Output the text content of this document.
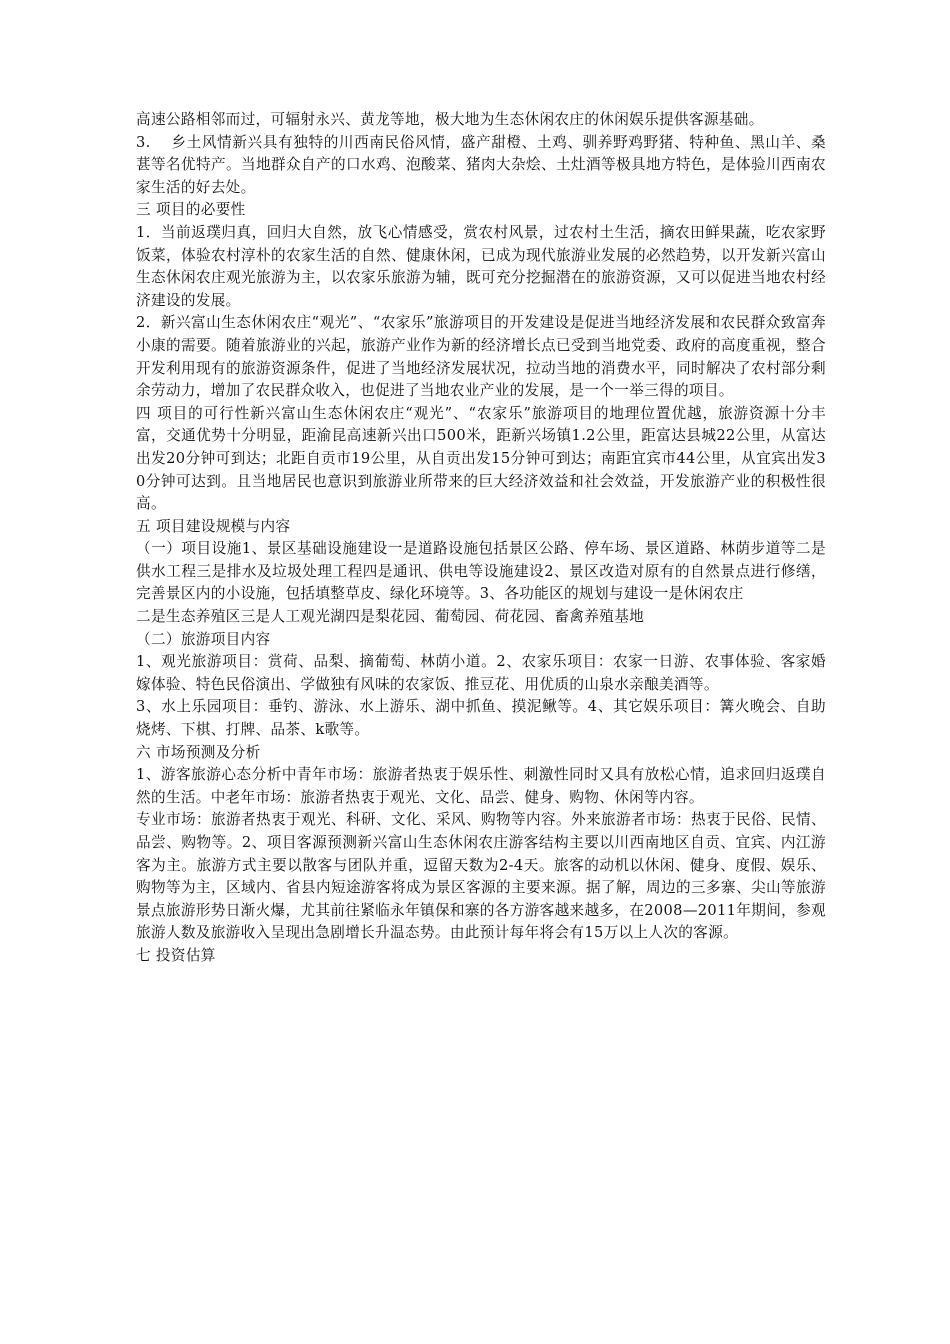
高速公路相邻而过，可辐射永兴、黄龙等地，极大地为生态休闲农庄的休闲娱乐提供客源基础。

3.　 乡土风情新兴具有独特的川西南民俗风情，盛产甜橙、土鸡、驯养野鸡野猪、特种鱼、黑山羊、桑葚等名优特产。当地群众自产的口水鸡、泡酸菜、猪肉大杂烩、土灶酒等极具地方特色，是体验川西南农家生活的好去处。

三 项目的必要性

1．当前返璞归真，回归大自然，放飞心情感受，赏农村风景，过农村土生活，摘农田鲜果蔬，吃农家野饭菜，体验农村淳朴的农家生活的自然、健康休闲，已成为现代旅游业发展的必然趋势，以开发新兴富山生态休闲农庄观光旅游为主，以农家乐旅游为辅，既可充分挖掘潜在的旅游资源，又可以促进当地农村经济建设的发展。

2．新兴富山生态休闲农庄“观光”、“农家乐”旅游项目的开发建设是促进当地经济发展和农民群众致富奔小康的需要。随着旅游业的兴起，旅游产业作为新的经济增长点已受到当地党委、政府的高度重视，整合开发利用现有的旅游资源条件，促进了当地经济发展状况，拉动当地的消费水平，同时解决了农村部分剩余劳动力，增加了农民群众收入，也促进了当地农业产业的发展，是一个一举三得的项目。

四 项目的可行性新兴富山生态休闲农庄“观光”、“农家乐”旅游项目的地理位置优越，旅游资源十分丰富，交通优势十分明显，距渝昆高速新兴出口500米，距新兴场镇1.2公里，距富达县城22公里，从富达出发20分钟可到达；北距自贡市19公里，从自贡出发15分钟可到达；南距宜宾市44公里，从宜宾出发30分钟可达到。且当地居民也意识到旅游业所带来的巨大经济效益和社会效益，开发旅游产业的积极性很高。

五 项目建设规模与内容

（一）项目设施1、景区基础设施建设一是道路设施包括景区公路、停车场、景区道路、林荫步道等二是供水工程三是排水及垃圾处理工程四是通讯、供电等设施建设2、景区改造对原有的自然景点进行修缮，完善景区内的小设施，包括填整草皮、绿化环境等。3、各功能区的规划与建设一是休闲农庄

二是生态养殖区三是人工观光湖四是梨花园、葡萄园、荷花园、畜禽养殖基地

（二）旅游项目内容

1、观光旅游项目：赏荷、品梨、摘葡萄、林荫小道。2、农家乐项目：农家一日游、农事体验、客家婚嫁体验、特色民俗演出、学做独有风味的农家饭、推豆花、用优质的山泉水亲酿美酒等。

3、水上乐园项目：垂钓、游泳、水上游乐、湖中抓鱼、摸泥鳅等。4、其它娱乐项目：篝火晚会、自助烧烤、下棋、打牌、品茶、k歌等。

六 市场预测及分析

1、游客旅游心态分析中青年市场：旅游者热衷于娱乐性、刺激性同时又具有放松心情，追求回归返璞自然的生活。中老年市场：旅游者热衷于观光、文化、品尝、健身、购物、休闲等内容。

专业市场：旅游者热衷于观光、科研、文化、采风、购物等内容。外来旅游者市场：热衷于民俗、民情、品尝、购物等。2、项目客源预测新兴富山生态休闲农庄游客结构主要以川西南地区自贡、宜宾、内江游客为主。旅游方式主要以散客与团队并重，逗留天数为2-4天。旅客的动机以休闲、健身、度假、娱乐、购物等为主，区域内、省县内短途游客将成为景区客源的主要来源。据了解，周边的三多寨、尖山等旅游景点旅游形势日渐火爆，尤其前往紧临永年镇保和寨的各方游客越来越多，在2008—2011年期间，参观旅游人数及旅游收入呈现出急剧增长升温态势。由此预计每年将会有15万以上人次的客源。

七 投资估算
